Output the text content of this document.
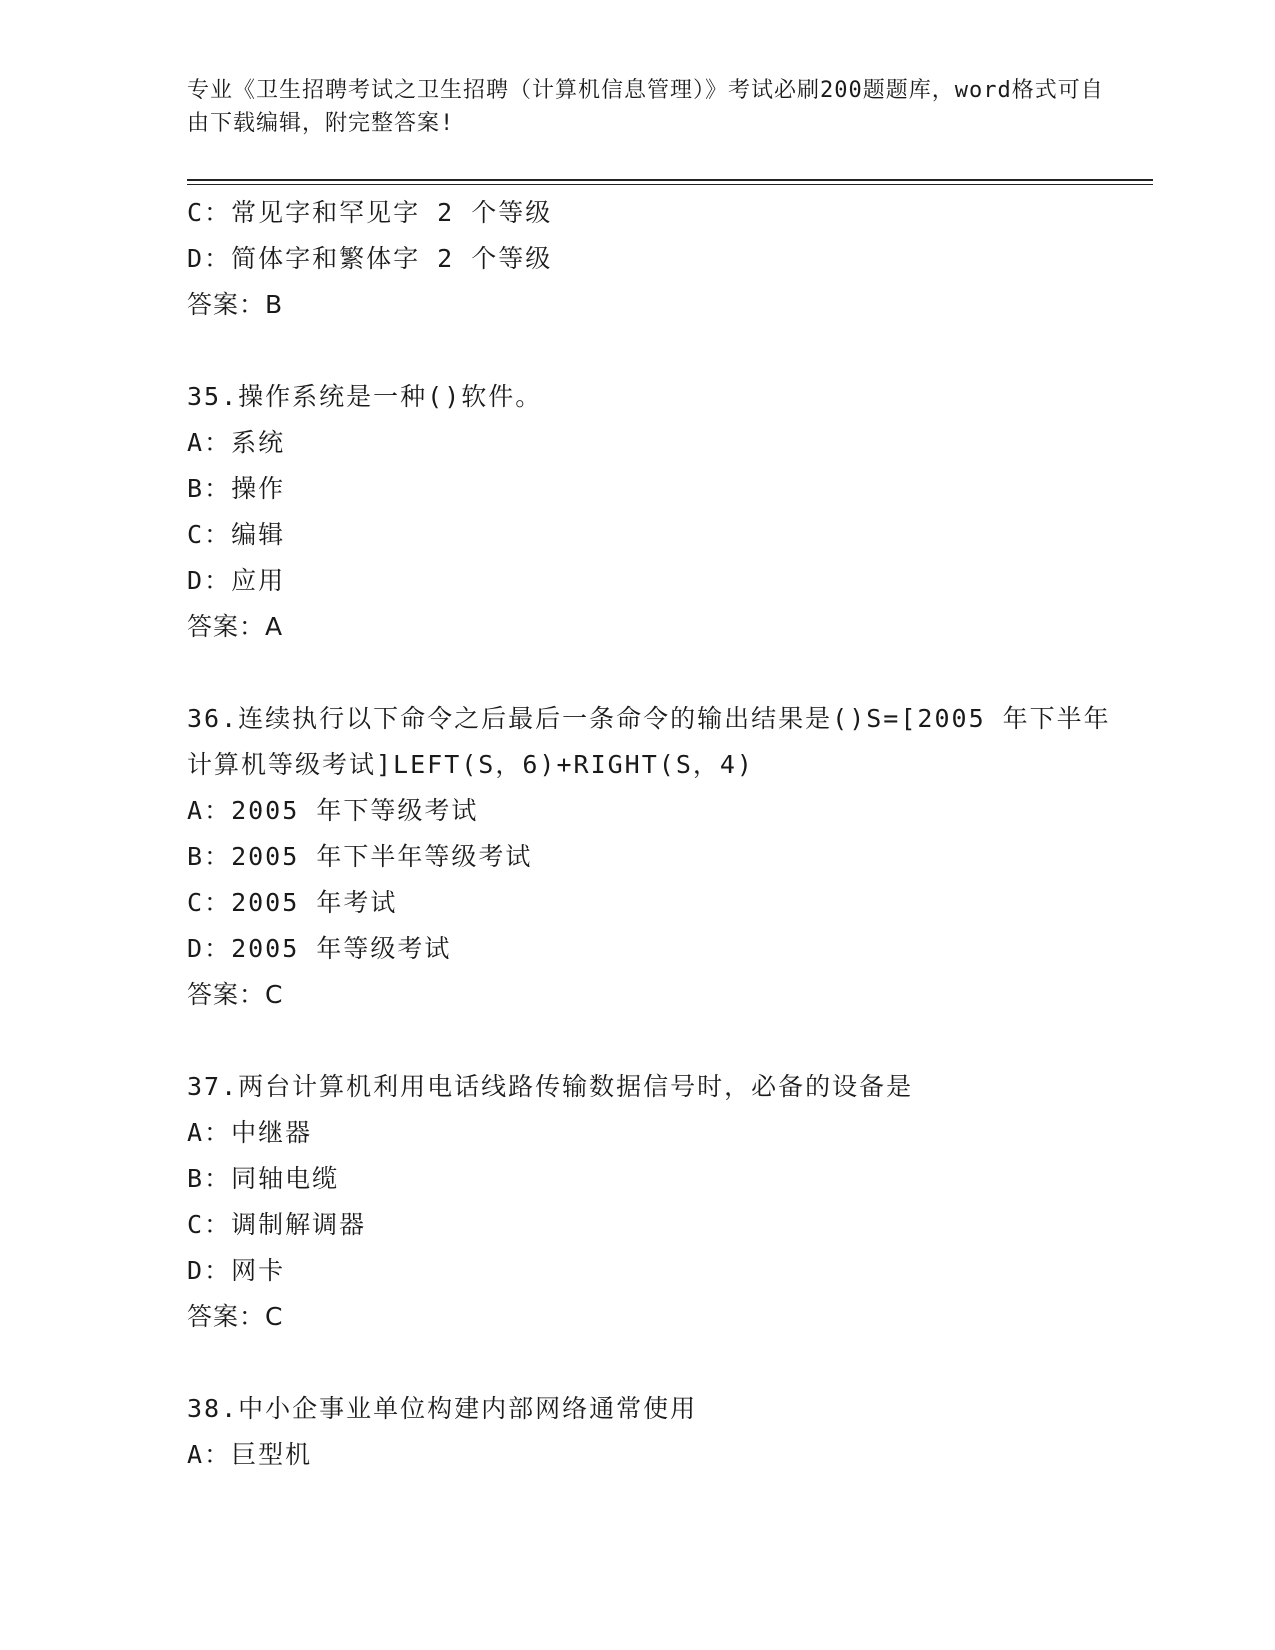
专业《卫生招聘考试之卫生招聘（计算机信息管理）》考试必刷200题题库，word格式可自由下载编辑，附完整答案!
C：常见字和罕见字 2 个等级
D：简体字和繁体字 2 个等级
答案：B
35.操作系统是一种()软件。
A：系统
B：操作
C：编辑
D：应用
答案：A
36.连续执行以下命令之后最后一条命令的输出结果是()S=[2005 年下半年计算机等级考试]LEFT(S，6)+RIGHT(S，4)
A：2005 年下等级考试
B：2005 年下半年等级考试
C：2005 年考试
D：2005 年等级考试
答案：C
37.两台计算机利用电话线路传输数据信号时，必备的设备是
A：中继器
B：同轴电缆
C：调制解调器
D：网卡
答案：C
38.中小企事业单位构建内部网络通常使用
A：巨型机
